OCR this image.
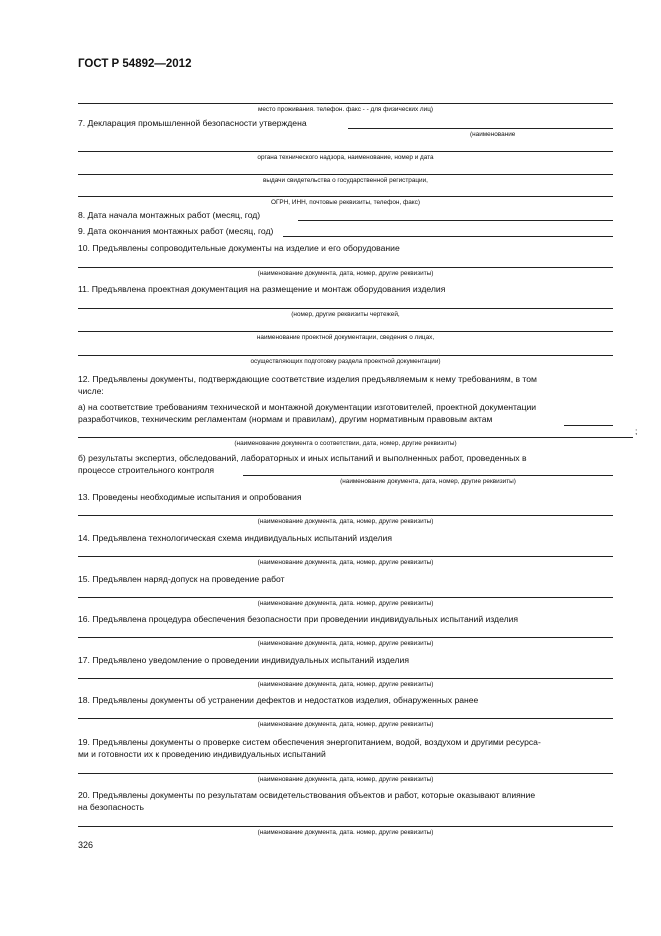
ГОСТ Р 54892—2012
7. Декларация промышленной безопасности утверждена
8. Дата начала монтажных работ (месяц, год)
9. Дата окончания монтажных работ (месяц, год)
10. Предъявлены сопроводительные документы на изделие и его оборудование
11. Предъявлена проектная документация на размещение и монтаж оборудования изделия
12. Предъявлены документы, подтверждающие соответствие изделия предъявляемым к нему требованиям, в том
числе:
а) на соответствие требованиям технической и монтажной документации изготовителей, проектной документации
разработчиков, техническим регламентам (нормам и правилам), другим нормативным правовым актам
;
б) результаты экспертиз, обследований, лабораторных и иных испытаний и выполненных работ, проведенных в
процессе строительного контроля
13. Проведены необходимые испытания и опробования
14. Предъявлена технологическая схема индивидуальных испытаний изделия
15. Предъявлен наряд-допуск на проведение работ
16. Предъявлена процедура обеспечения безопасности при проведении индивидуальных испытаний изделия
17. Предъявлено уведомление о проведении индивидуальных испытаний изделия
18. Предъявлены документы об устранении дефектов и недостатков изделия, обнаруженных ранее
19. Предъявлены документы о проверке систем обеспечения энергопитанием, водой, воздухом и другими ресурса-
ми и готовности их к проведению индивидуальных испытаний
20. Предъявлены документы по результатам освидетельствования объектов и работ, которые оказывают влияние
на безопасность
место проживания. телефон. факс - - для физических лиц)
(наименование
органа технического надзора, наименование, номер и дата
выдачи свидетельства о государственной регистрации,
ОГРН, ИНН, почтовые реквизиты, телефон, факс)
(наименование документа, дата, номер, другие реквизиты)
(номер, другие реквизиты чертежей,
наименование проектной документации, сведения о лицах,
осуществляющих подготовку раздела проектной документации)
(наименование документа о соответствии, дата, номер, другие реквизиты)
(наименование документа, дата, номер, другие реквизиты)
(наименование документа, дата, номер, другие реквизиты)
(наименование документа, дата, номер, другие реквизиты)
(наименование документа, дата. номер, другие реквизиты)
(наименование документа, дата, номер, другие реквизиты)
(наименование документа, дата, номер, другие реквизиты)
(наименование документа, дата, номер, другие реквизиты)
(наименование документа, дата, номер, другие реквизиты)
(наименование документа, дата. номер, другие реквизиты)
326
